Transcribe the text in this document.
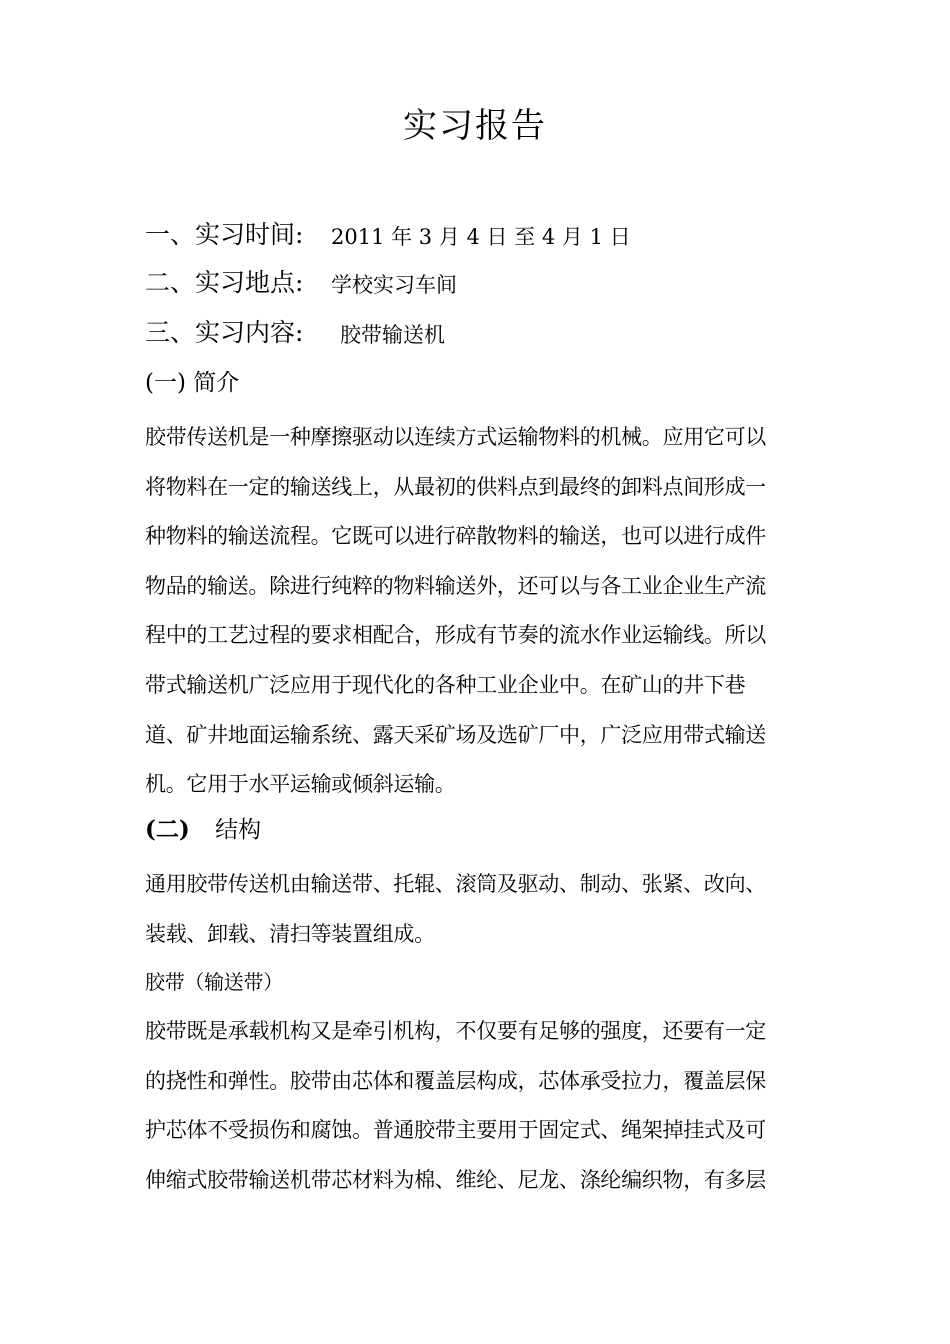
实习报告
一、实习时间: 2011 年 3 月 4 日 至 4 月 1 日
二、实习地点: 学校实习车间
三、实习内容: 胶带输送机
(一) 简介
胶带传送机是一种摩擦驱动以连续方式运输物料的机械。应用它可以
将物料在一定的输送线上，从最初的供料点到最终的卸料点间形成一
种物料的输送流程。它既可以进行碎散物料的输送，也可以进行成件
物品的输送。除进行纯粹的物料输送外，还可以与各工业企业生产流
程中的工艺过程的要求相配合，形成有节奏的流水作业运输线。所以
带式输送机广泛应用于现代化的各种工业企业中。在矿山的井下巷
道、矿井地面运输系统、露天采矿场及选矿厂中，广泛应用带式输送
机。它用于水平运输或倾斜运输。
(二) 结构
通用胶带传送机由输送带、托辊、滚筒及驱动、制动、张紧、改向、
装载、卸载、清扫等装置组成。
胶带（输送带）
胶带既是承载机构又是牵引机构，不仅要有足够的强度，还要有一定
的挠性和弹性。胶带由芯体和覆盖层构成，芯体承受拉力，覆盖层保
护芯体不受损伤和腐蚀。普通胶带主要用于固定式、绳架掉挂式及可
伸缩式胶带输送机带芯材料为棉、维纶、尼龙、涤纶编织物，有多层
